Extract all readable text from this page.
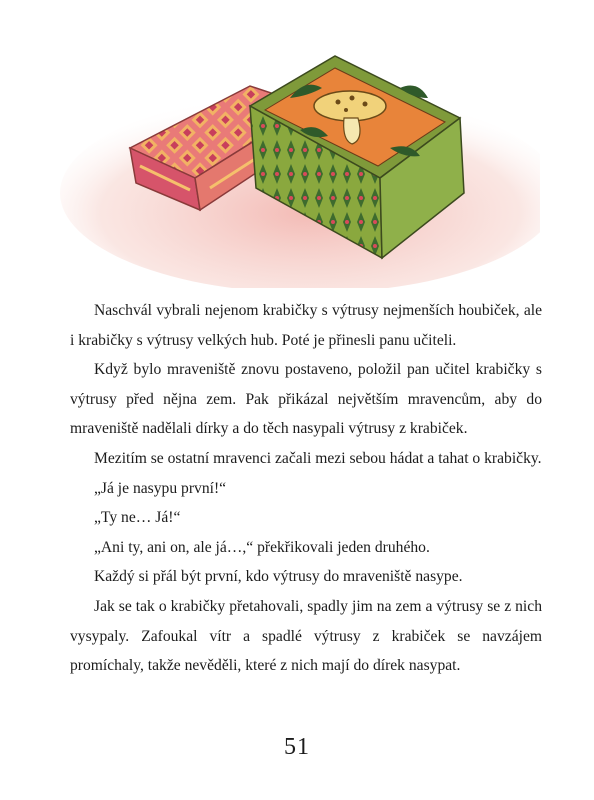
Naschvál vybrali nejenom krabičky s výtrusy nejmenších houbiček, ale i krabičky s výtrusy velkých hub. Poté je přinesli panu učiteli.

Když bylo mraveniště znovu postaveno, položil pan učitel krabičky s výtrusy před nějna zem. Pak přikázal největším mravencům, aby do mraveniště nadělali dírky a do těch nasypali výtrusy z krabiček.

Mezitím se ostatní mravenci začali mezi sebou hádat a tahat o krabičky.

„Já je nasypu první!“

„Ty ne… Já!“

„Ani ty, ani on, ale já…,“ překřikovali jeden druhého.

Každý si přál být první, kdo výtrusy do mraveniště nasype.

Jak se tak o krabičky přetahovali, spadly jim na zem a výtrusy se z nich vysypaly. Zafoukal vítr a spadlé výtrusy z krabiček se navzájem promíchaly, takže nevěděli, které z nich mají do dírek nasypat.

51
